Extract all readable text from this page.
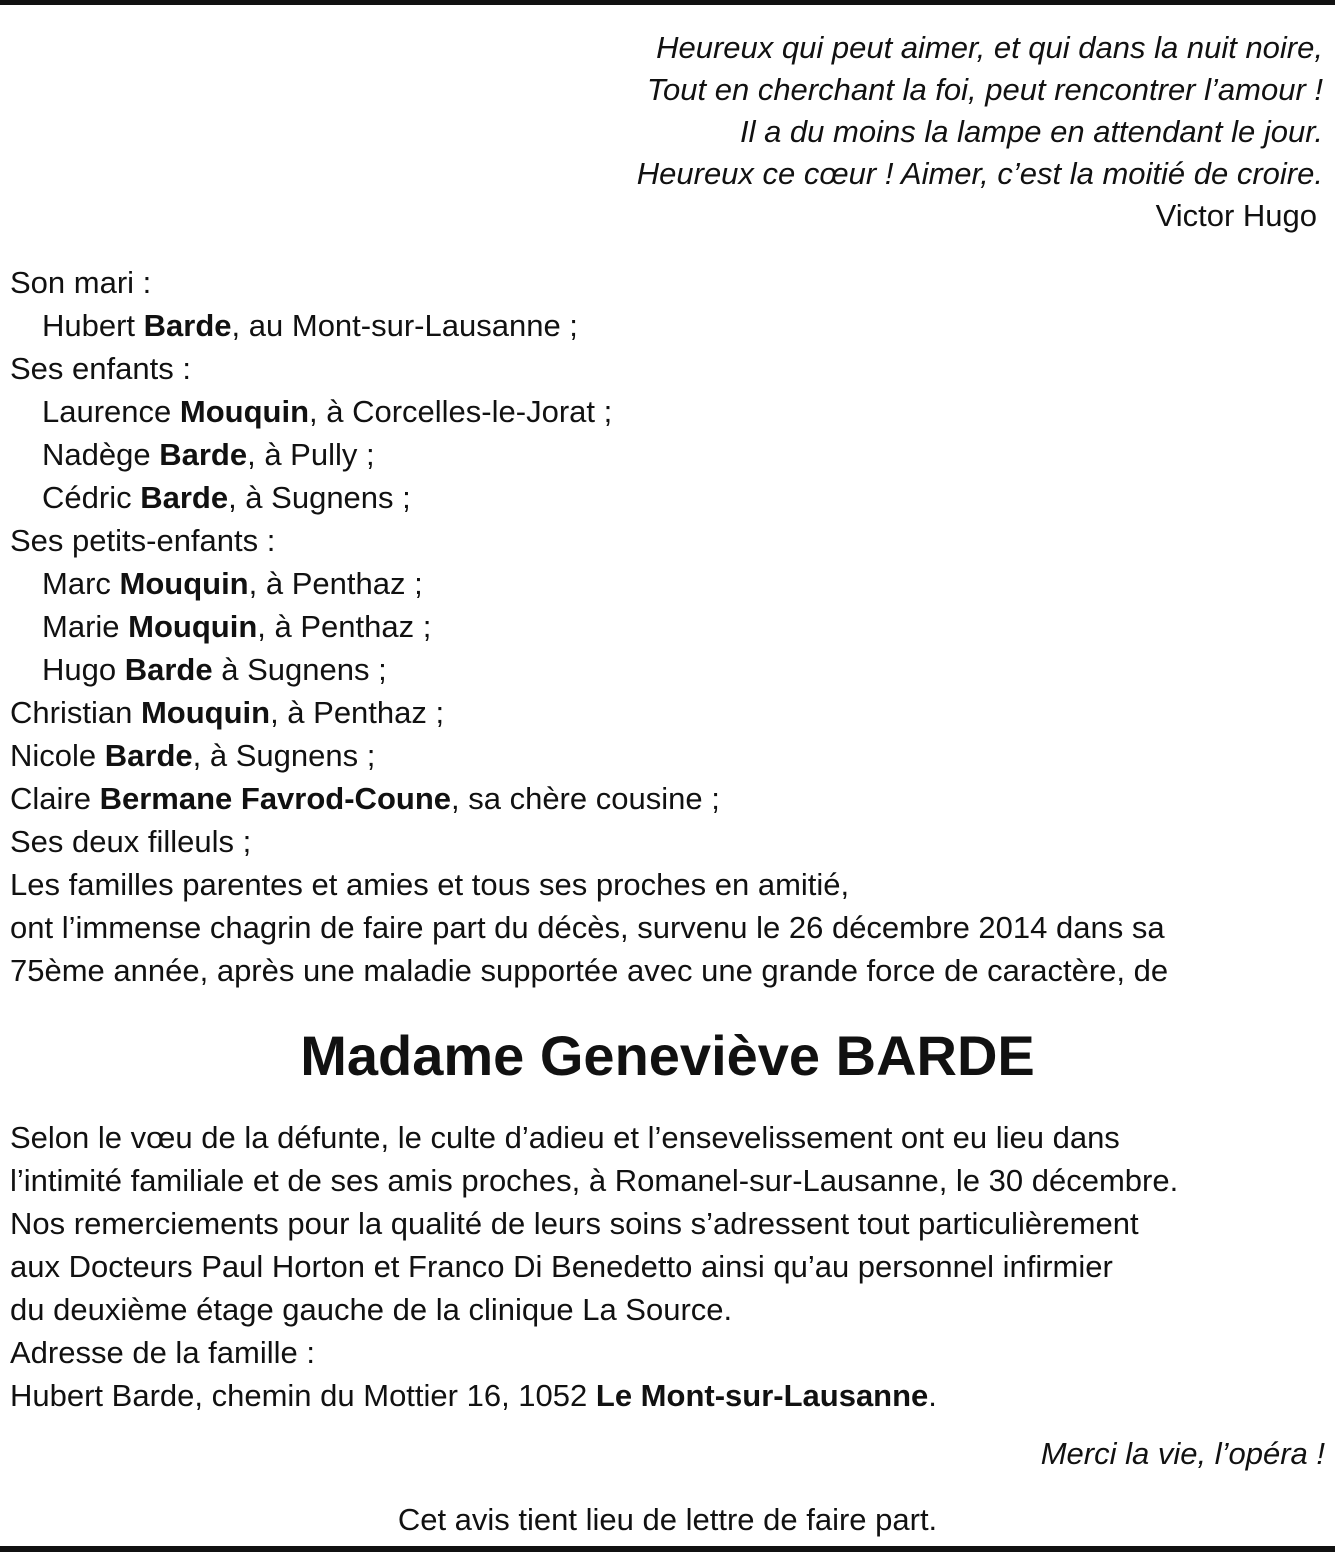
Heureux qui peut aimer, et qui dans la nuit noire,
Tout en cherchant la foi, peut rencontrer l’amour !
Il a du moins la lampe en attendant le jour.
Heureux ce cœur ! Aimer, c’est la moitié de croire.
Victor Hugo
Son mari :
Hubert Barde, au Mont-sur-Lausanne ;
Ses enfants :
Laurence Mouquin, à Corcelles-le-Jorat ;
Nadège Barde, à Pully ;
Cédric Barde, à Sugnens ;
Ses petits-enfants :
Marc Mouquin, à Penthaz ;
Marie Mouquin, à Penthaz ;
Hugo Barde à Sugnens ;
Christian Mouquin, à Penthaz ;
Nicole Barde, à Sugnens ;
Claire Bermane Favrod-Coune, sa chère cousine ;
Ses deux filleuls ;
Les familles parentes et amies et tous ses proches en amitié,
ont l’immense chagrin de faire part du décès, survenu le 26 décembre 2014 dans sa
75ème année, après une maladie supportée avec une grande force de caractère, de
Madame Geneviève BARDE
Selon le vœu de la défunte, le culte d’adieu et l’ensevelissement ont eu lieu dans
l’intimité familiale et de ses amis proches, à Romanel-sur-Lausanne, le 30 décembre.
Nos remerciements pour la qualité de leurs soins s’adressent tout particulièrement
aux Docteurs Paul Horton et Franco Di Benedetto ainsi qu’au personnel infirmier
du deuxième étage gauche de la clinique La Source.
Adresse de la famille :
Hubert Barde, chemin du Mottier 16, 1052 Le Mont-sur-Lausanne.
Merci la vie, l’opéra !
Cet avis tient lieu de lettre de faire part.
